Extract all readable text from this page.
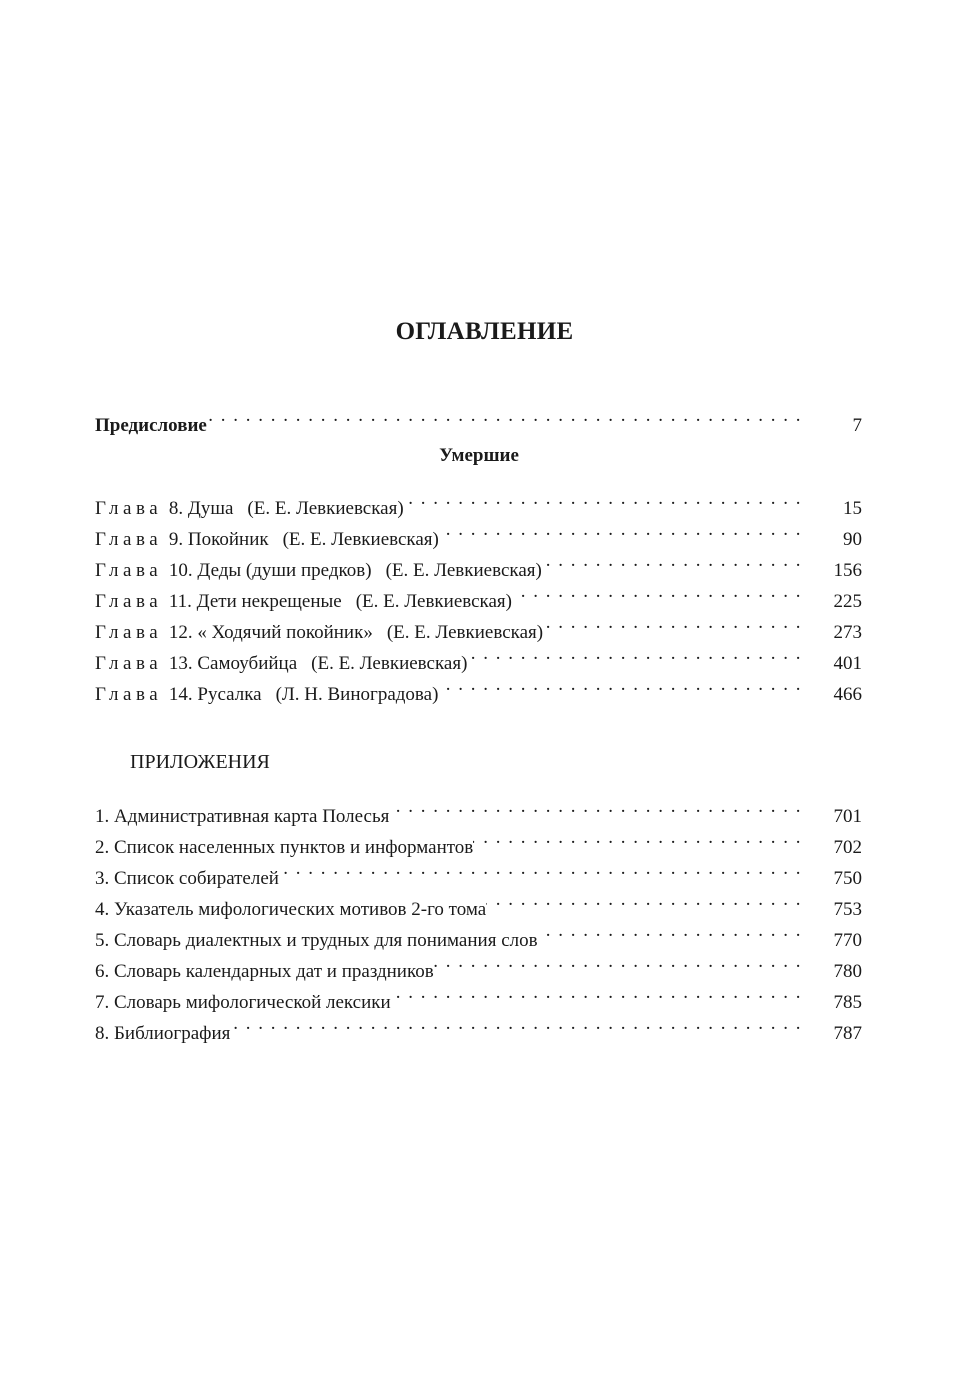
ОГЛАВЛЕНИЕ
Предисловие . . .	7
Умершие
Глава 8. Душа (Е. Е. Левкиевская) . . .	15
Глава 9. Покойник (Е. Е. Левкиевская) . . .	90
Глава 10. Деды (души предков) (Е. Е. Левкиевская) . . .	156
Глава 11. Дети некрещеные (Е. Е. Левкиевская) . . .	225
Глава 12. « Ходячий покойник» (Е. Е. Левкиевская) . . .	273
Глава 13. Самоубийца (Е. Е. Левкиевская) . . .	401
Глава 14. Русалка (Л. Н. Виноградова) . . .	466
ПРИЛОЖЕНИЯ
1. Административная карта Полесья . . .	701
2. Список населенных пунктов и информантов . . .	702
3. Список собирателей . . .	750
4. Указатель мифологических мотивов 2-го тома . . .	753
5. Словарь диалектных и трудных для понимания слов . . .	770
6. Словарь календарных дат и праздников . . .	780
7. Словарь мифологической лексики . . .	785
8. Библиография . . .	787
